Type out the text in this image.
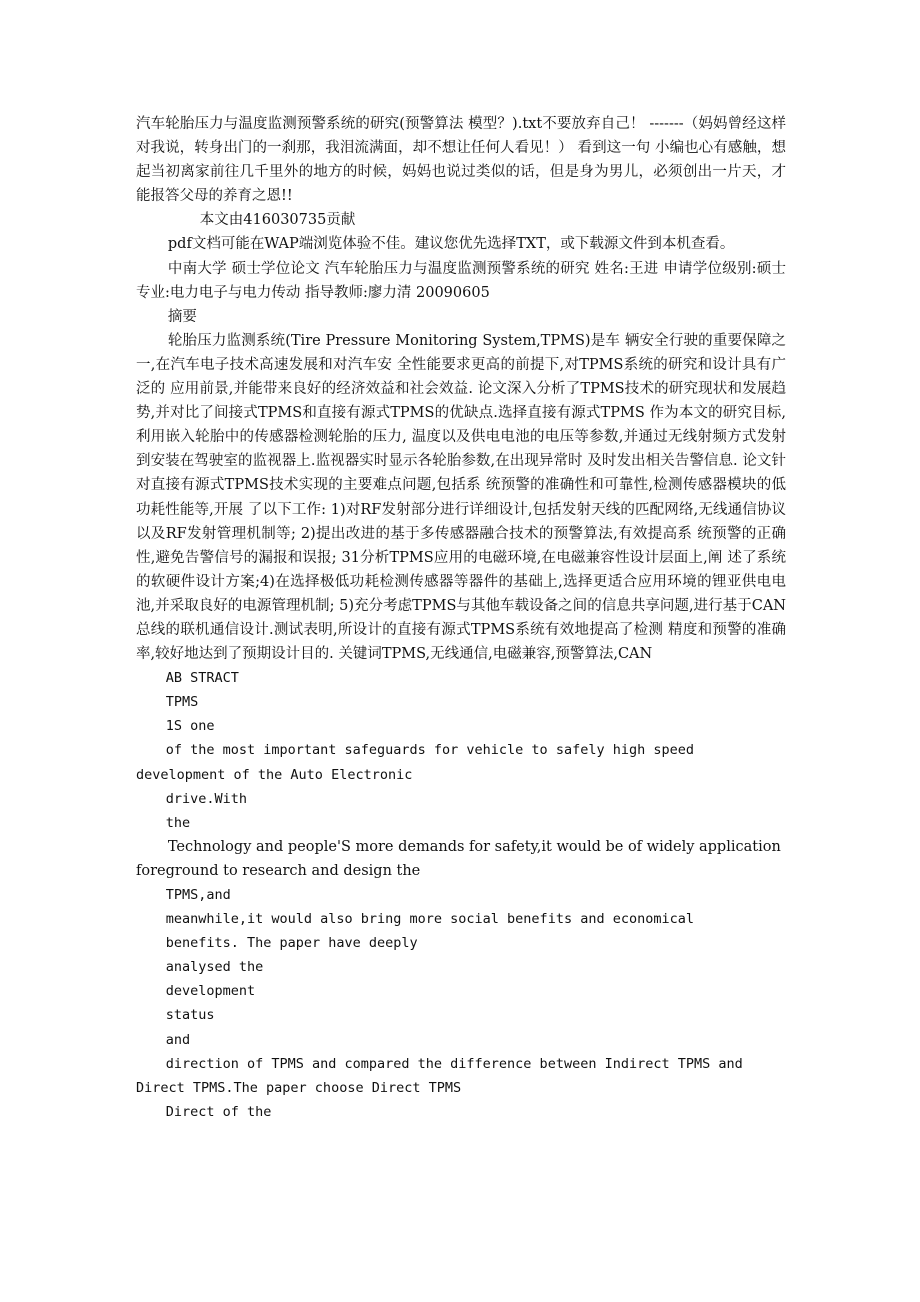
汽车轮胎压力与温度监测预警系统的研究(预警算法 模型？).txt不要放弃自己！ -------（妈妈曾经这样对我说，转身出门的一刹那，我泪流满面，却不想让任何人看见！） 看到这一句 小编也心有感触，想起当初离家前往几千里外的地方的时候，妈妈也说过类似的话，但是身为男儿，必须创出一片天，才能报答父母的养育之恩!!

本文由416030735贡献

pdf文档可能在WAP端浏览体验不佳。建议您优先选择TXT，或下载源文件到本机查看。

中南大学 硕士学位论文 汽车轮胎压力与温度监测预警系统的研究 姓名:王进 申请学位级别:硕士 专业:电力电子与电力传动 指导教师:廖力清 20090605

摘要

轮胎压力监测系统(Tire Pressure Monitoring System,TPMS)是车 辆安全行驶的重要保障之一,在汽车电子技术高速发展和对汽车安 全性能要求更高的前提下,对TPMS系统的研究和设计具有广泛的 应用前景,并能带来良好的经济效益和社会效益. 论文深入分析了TPMS技术的研究现状和发展趋势,并对比了间接式TPMS和直接有源式TPMS的优缺点.选择直接有源式TPMS 作为本文的研究目标,利用嵌入轮胎中的传感器检测轮胎的压力, 温度以及供电电池的电压等参数,并通过无线射频方式发射到安装在驾驶室的监视器上.监视器实时显示各轮胎参数,在出现异常时 及时发出相关告警信息. 论文针对直接有源式TPMS技术实现的主要难点问题,包括系 统预警的准确性和可靠性,检测传感器模块的低功耗性能等,开展 了以下工作: 1)对RF发射部分进行详细设计,包括发射天线的匹配网络,无线通信协议以及RF发射管理机制等; 2)提出改进的基于多传感器融合技术的预警算法,有效提高系 统预警的正确性,避免告警信号的漏报和误报; 31分析TPMS应用的电磁环境,在电磁兼容性设计层面上,阐 述了系统的软硬件设计方案;4)在选择极低功耗检测传感器等器件的基础上,选择更适合应用环境的锂亚供电电池,并采取良好的电源管理机制; 5)充分考虑TPMS与其他车载设备之间的信息共享问题,进行基于CAN总线的联机通信设计.测试表明,所设计的直接有源式TPMS系统有效地提高了检测 精度和预警的准确率,较好地达到了预期设计目的. 关键词TPMS,无线通信,电磁兼容,预警算法,CAN

AB STRACT

TPMS

1S one

of the most important safeguards for vehicle to safely high speed development of the Auto Electronic

drive.With

the

Technology and people'S more demands for safety,it would be of widely application foreground to research and design the

TPMS,and

meanwhile,it would also bring more social benefits and economical

benefits. The paper have deeply

analysed the

development

status

and

direction of TPMS and compared the difference between Indirect TPMS and Direct TPMS.The paper choose Direct TPMS

Direct of the
